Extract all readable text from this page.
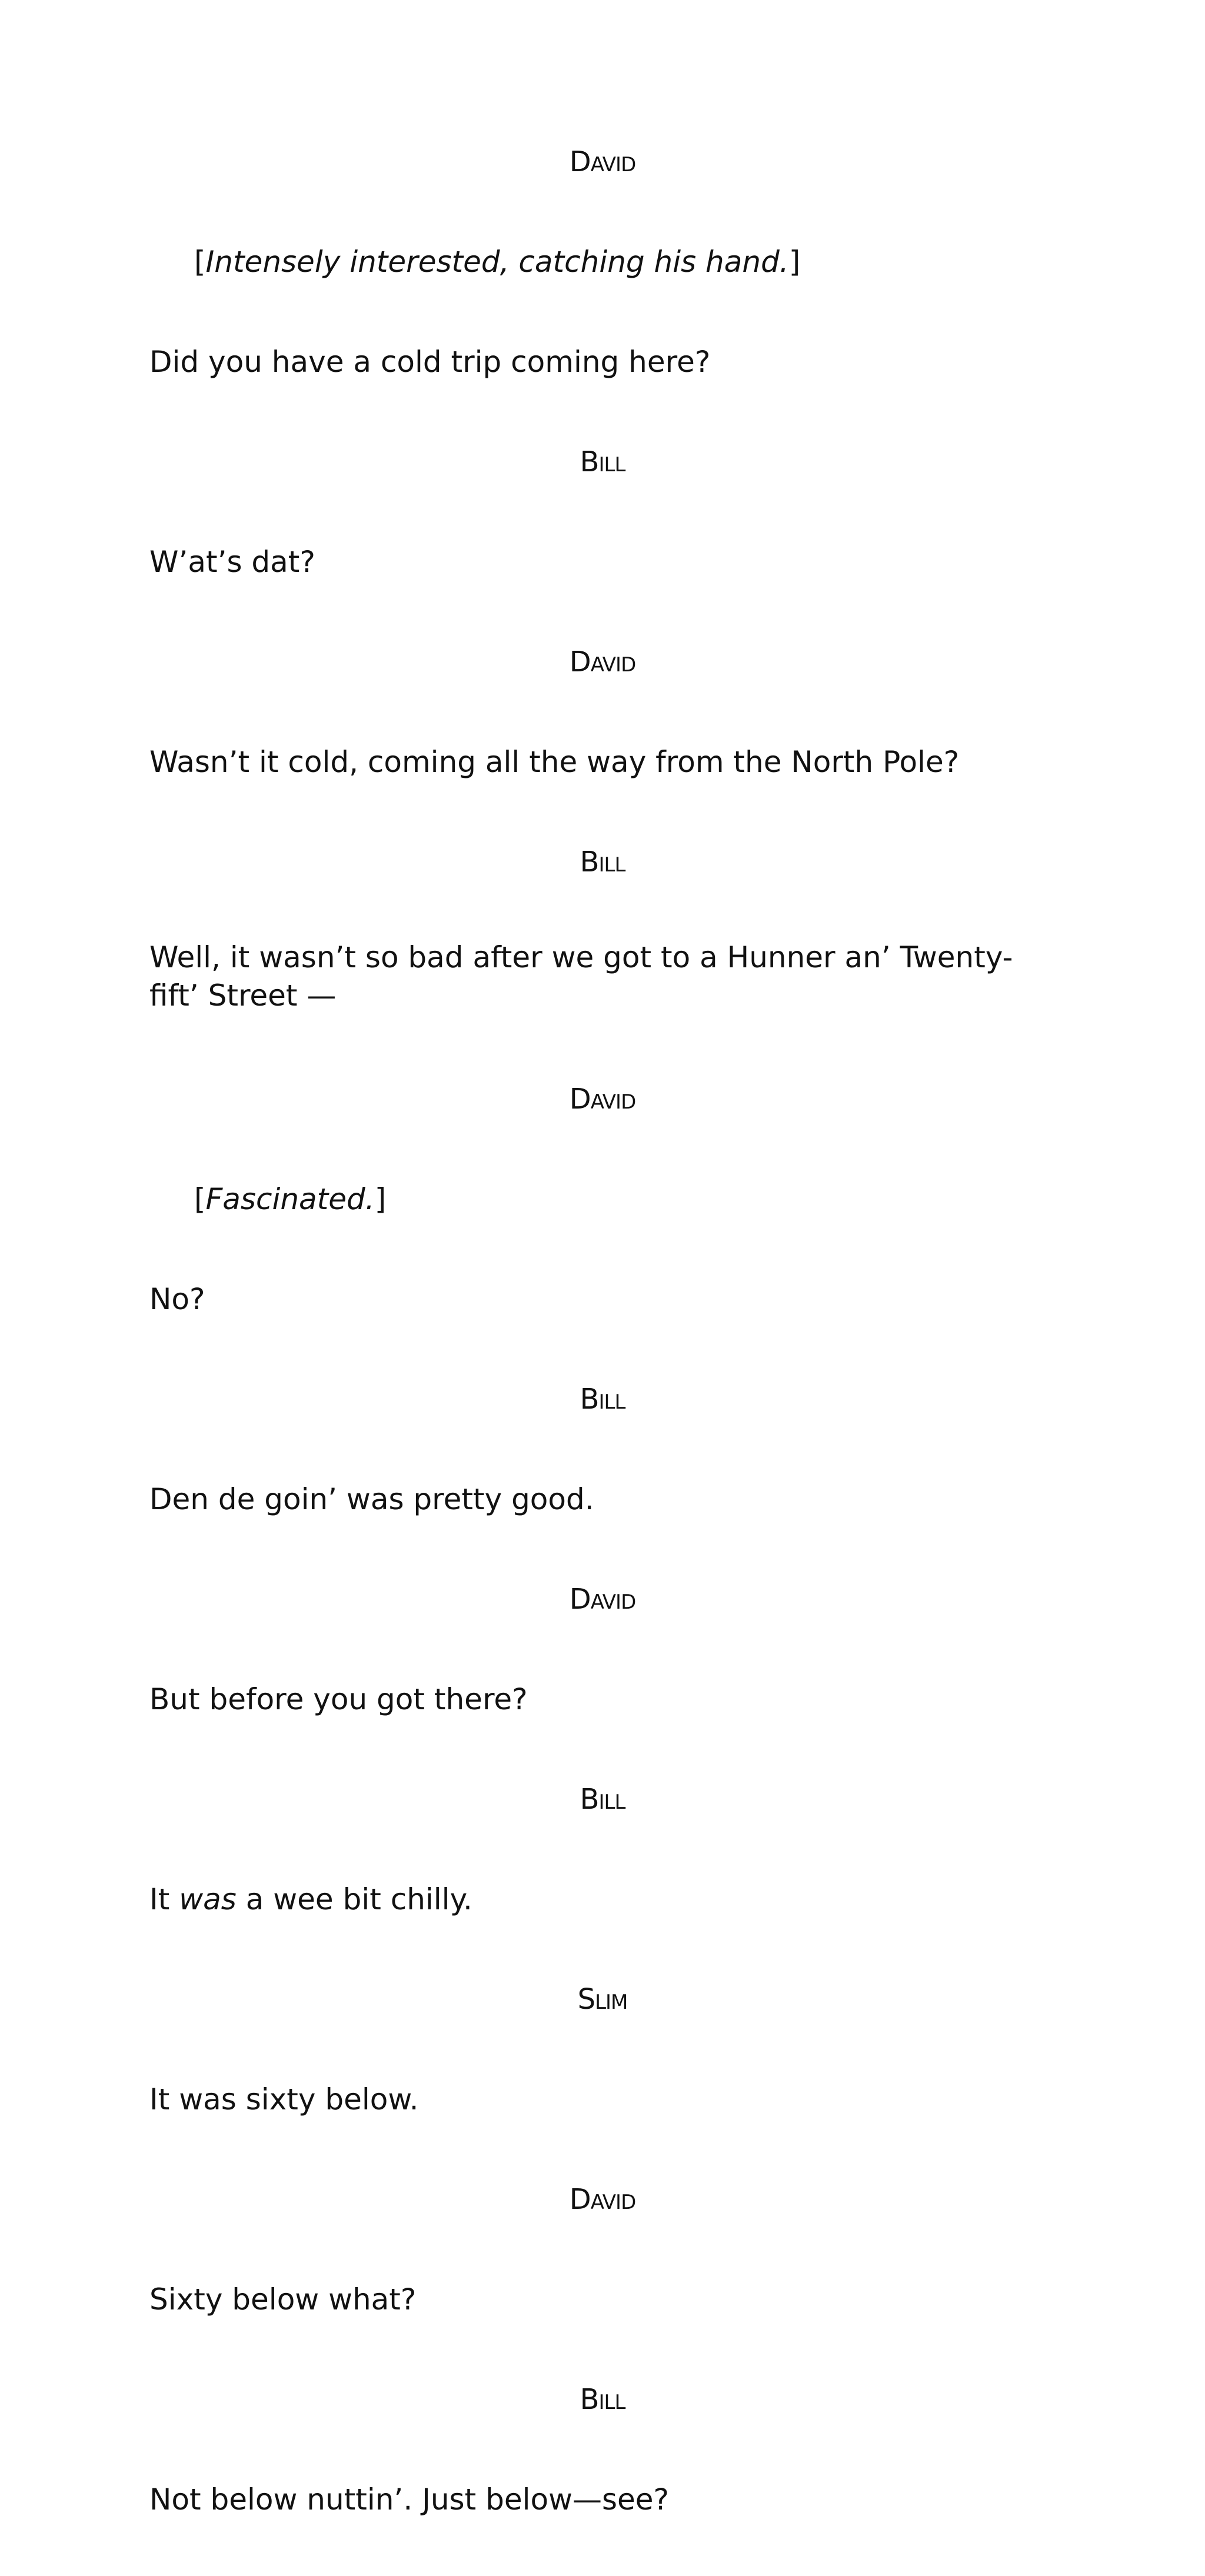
David
[Intensely interested, catching his hand.]
Did you have a cold trip coming here?
Bill
W’at’s dat?
David
Wasn’t it cold, coming all the way from the North Pole?
Bill
Well, it wasn’t so bad after we got to a Hunner an’ Twenty-fift’ Street —
David
[Fascinated.]
No?
Bill
Den de goin’ was pretty good.
David
But before you got there?
Bill
It was a wee bit chilly.
Slim
It was sixty below.
David
Sixty below what?
Bill
Not below nuttin’. Just below—see?
